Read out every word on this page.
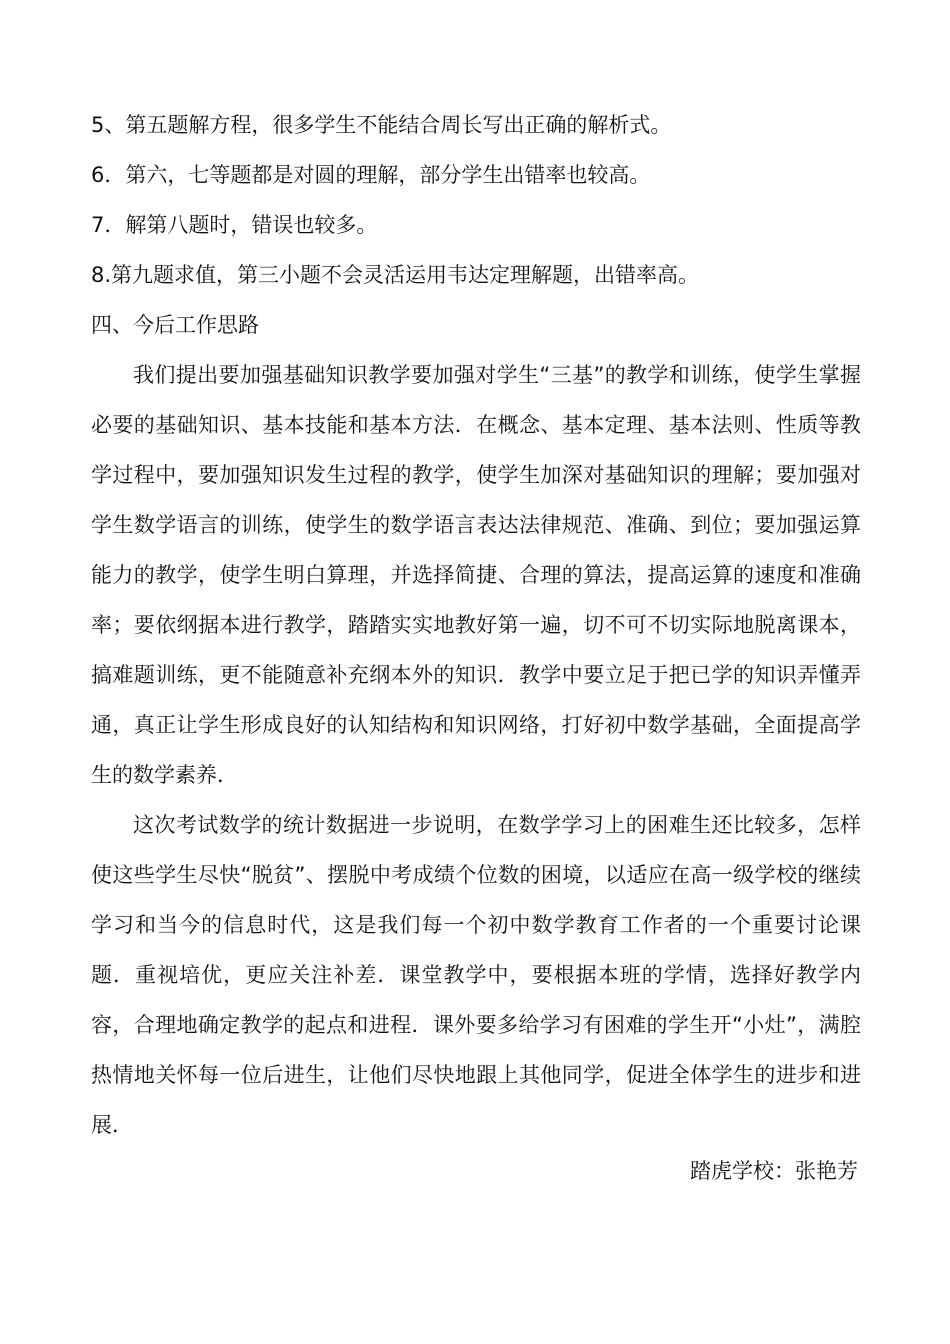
5、第五题解方程，很多学生不能结合周长写出正确的解析式。
6．第六，七等题都是对圆的理解，部分学生出错率也较高。
7．解第八题时，错误也较多。
8.第九题求值，第三小题不会灵活运用韦达定理解题，出错率高。
四、今后工作思路
我们提出要加强基础知识教学要加强对学生“三基”的教学和训练，使学生掌握必要的基础知识、基本技能和基本方法．在概念、基本定理、基本法则、性质等教学过程中，要加强知识发生过程的教学，使学生加深对基础知识的理解；要加强对学生数学语言的训练，使学生的数学语言表达法律规范、准确、到位；要加强运算能力的教学，使学生明白算理，并选择简捷、合理的算法，提高运算的速度和准确率；要依纲据本进行教学，踏踏实实地教好第一遍，切不可不切实际地脱离课本，搞难题训练，更不能随意补充纲本外的知识．教学中要立足于把已学的知识弄懂弄通，真正让学生形成良好的认知结构和知识网络，打好初中数学基础，全面提高学生的数学素养．
这次考试数学的统计数据进一步说明，在数学学习上的困难生还比较多，怎样使这些学生尽快“脱贫”、摆脱中考成绩个位数的困境，以适应在高一级学校的继续学习和当今的信息时代，这是我们每一个初中数学教育工作者的一个重要讨论课题．重视培优，更应关注补差．课堂教学中，要根据本班的学情，选择好教学内容，合理地确定教学的起点和进程．课外要多给学习有困难的学生开“小灶”，满腔热情地关怀每一位后进生，让他们尽快地跟上其他同学，促进全体学生的进步和进展．
踏虎学校：张艳芳
